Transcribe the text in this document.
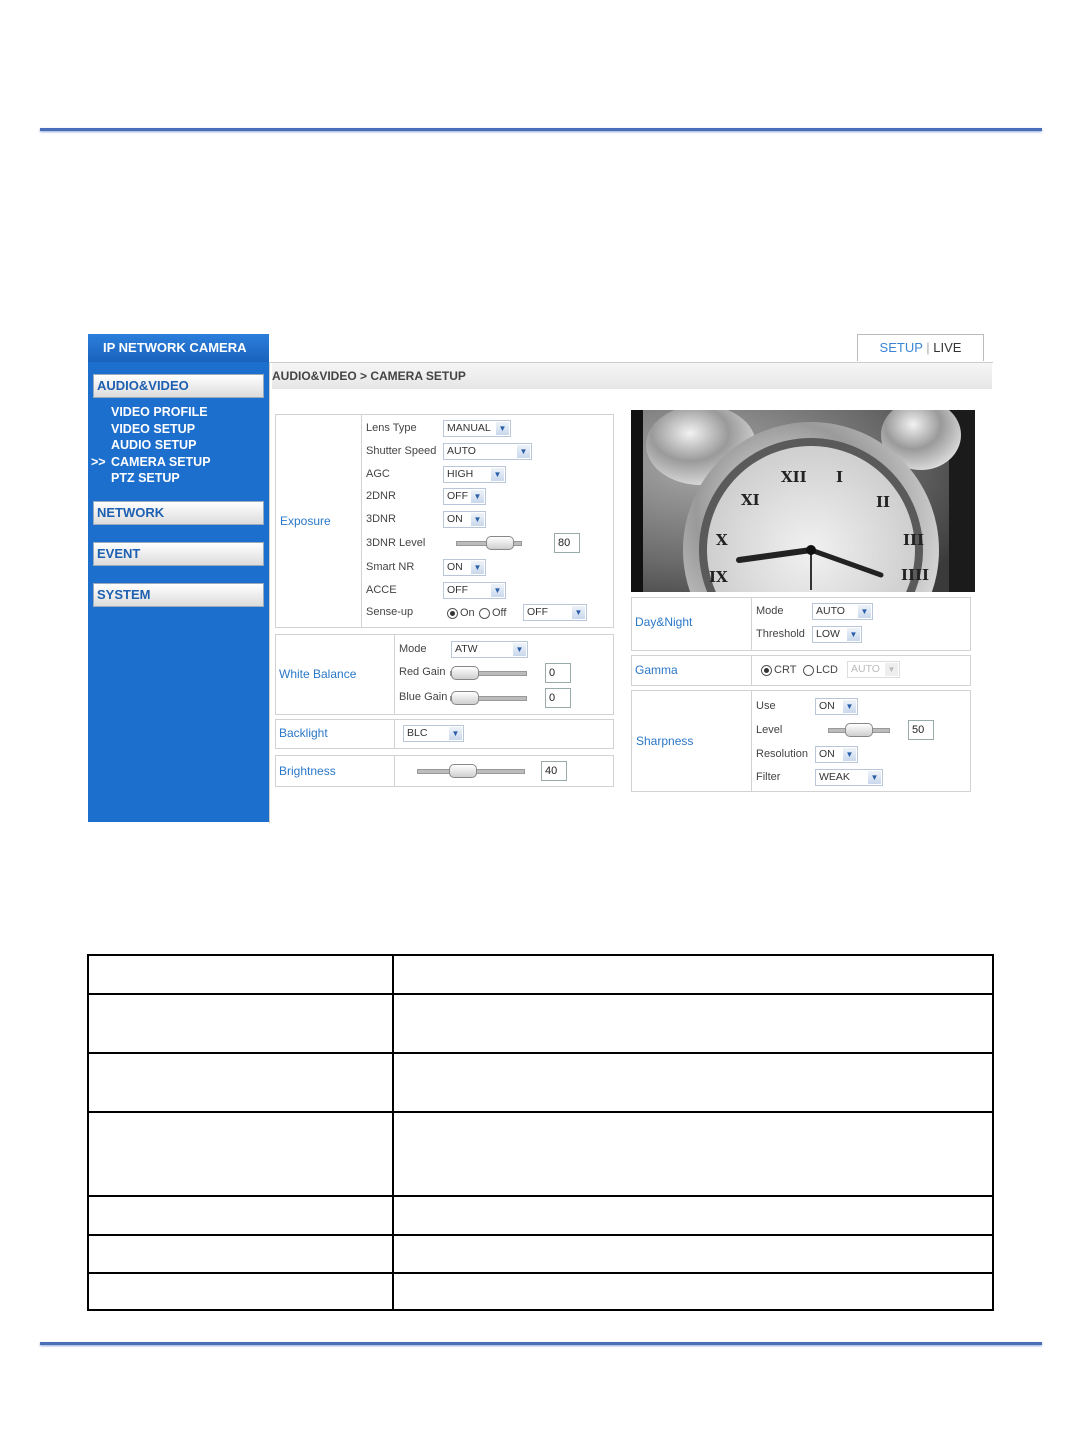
IP NETWORK CAMERA
AUDIO&VIDEO
VIDEO PROFILE
VIDEO SETUP
AUDIO SETUP
>> CAMERA SETUP
PTZ SETUP
NETWORK
EVENT
SYSTEM
SETUP | LIVE
AUDIO&VIDEO > CAMERA SETUP
Exposure
Lens Type	MANUAL ▼
Shutter Speed	AUTO	▼
AGC	HIGH	▼
2DNR	OFF ▼
3DNR	ON	▼
3DNR Level	80
Smart NR	ON	▼
ACCE	OFF	▼
Sense-up	On Off	OFF	▼
White Balance
Mode	ATW	▼
Red Gain	0
Blue Gain	0
Backlight	BLC	▼
Brightness	40
XI
XII I
II
III
IIII
X
IX
Day&Night
Mode	AUTO	▼
Threshold	LOW	▼
Gamma	CRT LCD	AUTO ▼
Sharpness
Use	ON	▼
Level	50
Resolution	ON	▼
Filter	WEAK	▼
